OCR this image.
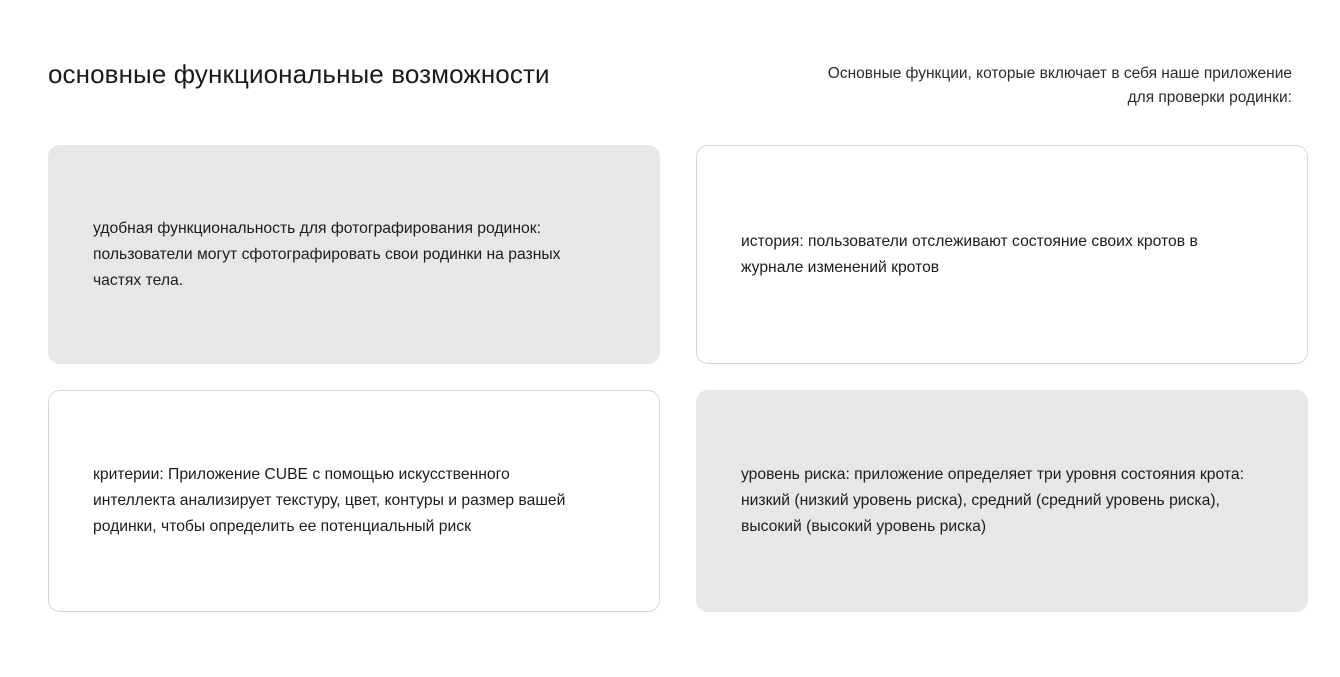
основные функциональные возможности	Основные функции, которые включает в себя наше приложение для проверки родинки:

удобная функциональность для фотографирования родинок: пользователи могут сфотографировать свои родинки на разных частях тела.

история: пользователи отслеживают состояние своих кротов в журнале изменений кротов

критерии: Приложение CUBE с помощью искусственного интеллекта анализирует текстуру, цвет, контуры и размер вашей родинки, чтобы определить ее потенциальный риск

уровень риска: приложение определяет три уровня состояния крота: низкий (низкий уровень риска), средний (средний уровень риска), высокий (высокий уровень риска)
